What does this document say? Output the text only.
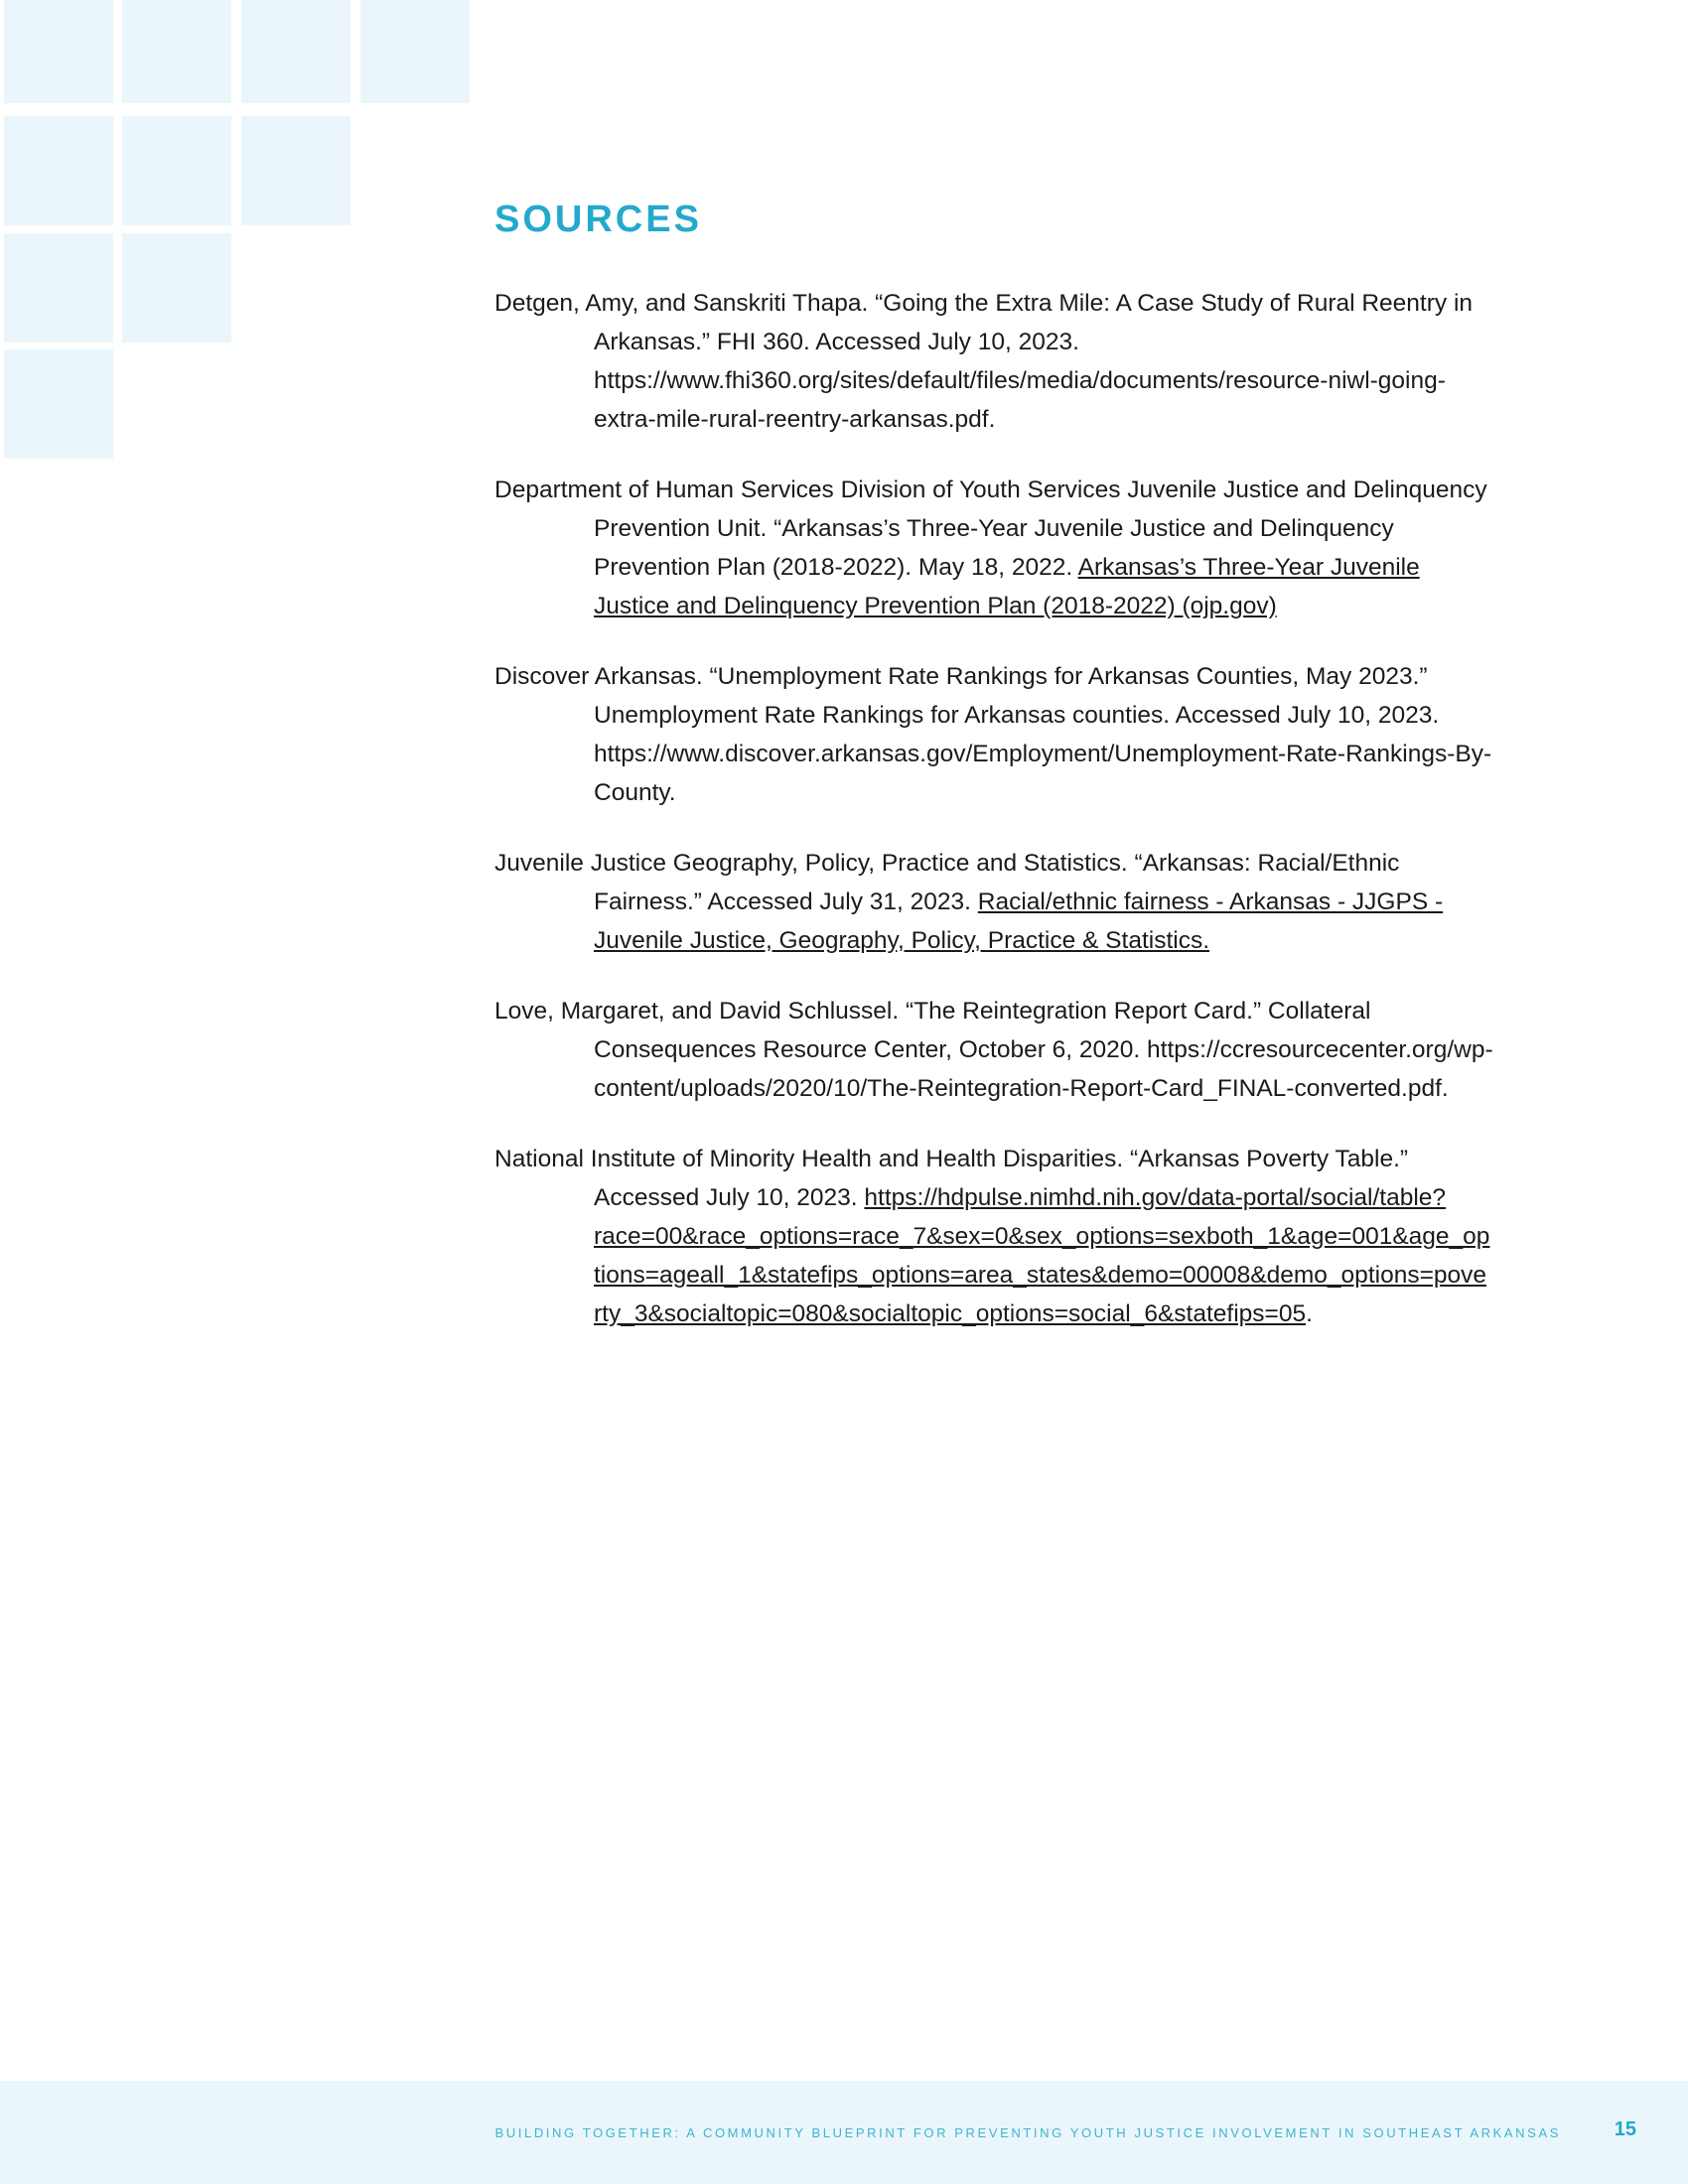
SOURCES

Detgen, Amy, and Sanskriti Thapa. “Going the Extra Mile: A Case Study of Rural Reentry in Arkansas.” FHI 360. Accessed July 10, 2023. https://www.fhi360.org/sites/default/files/media/documents/resource-niwl-going-extra-mile-rural-reentry-arkansas.pdf.

Department of Human Services Division of Youth Services Juvenile Justice and Delinquency Prevention Unit. “Arkansas’s Three-Year Juvenile Justice and Delinquency Prevention Plan (2018-2022). May 18, 2022. Arkansas’s Three-Year Juvenile Justice and Delinquency Prevention Plan (2018-2022) (ojp.gov)

Discover Arkansas. “Unemployment Rate Rankings for Arkansas Counties, May 2023.” Unemployment Rate Rankings for Arkansas counties. Accessed July 10, 2023. https://www.discover.arkansas.gov/Employment/Unemployment-Rate-Rankings-By-County.

Juvenile Justice Geography, Policy, Practice and Statistics. “Arkansas: Racial/Ethnic Fairness.” Accessed July 31, 2023. Racial/ethnic fairness - Arkansas - JJGPS - Juvenile Justice, Geography, Policy, Practice & Statistics.

Love, Margaret, and David Schlussel. “The Reintegration Report Card.” Collateral Consequences Resource Center, October 6, 2020. https://ccresourcecenter.org/wp-content/uploads/2020/10/The-Reintegration-Report-Card_FINAL-converted.pdf.

National Institute of Minority Health and Health Disparities. “Arkansas Poverty Table.” Accessed July 10, 2023. https://hdpulse.nimhd.nih.gov/data-portal/social/table?race=00&race_options=race_7&sex=0&sex_options=sexboth_1&age=001&age_options=ageall_1&statefips_options=area_states&demo=00008&demo_options=poverty_3&socialtopic=080&socialtopic_options=social_6&statefips=05.

BUILDING TOGETHER: A COMMUNITY BLUEPRINT FOR PREVENTING YOUTH JUSTICE INVOLVEMENT IN SOUTHEAST ARKANSAS	15
